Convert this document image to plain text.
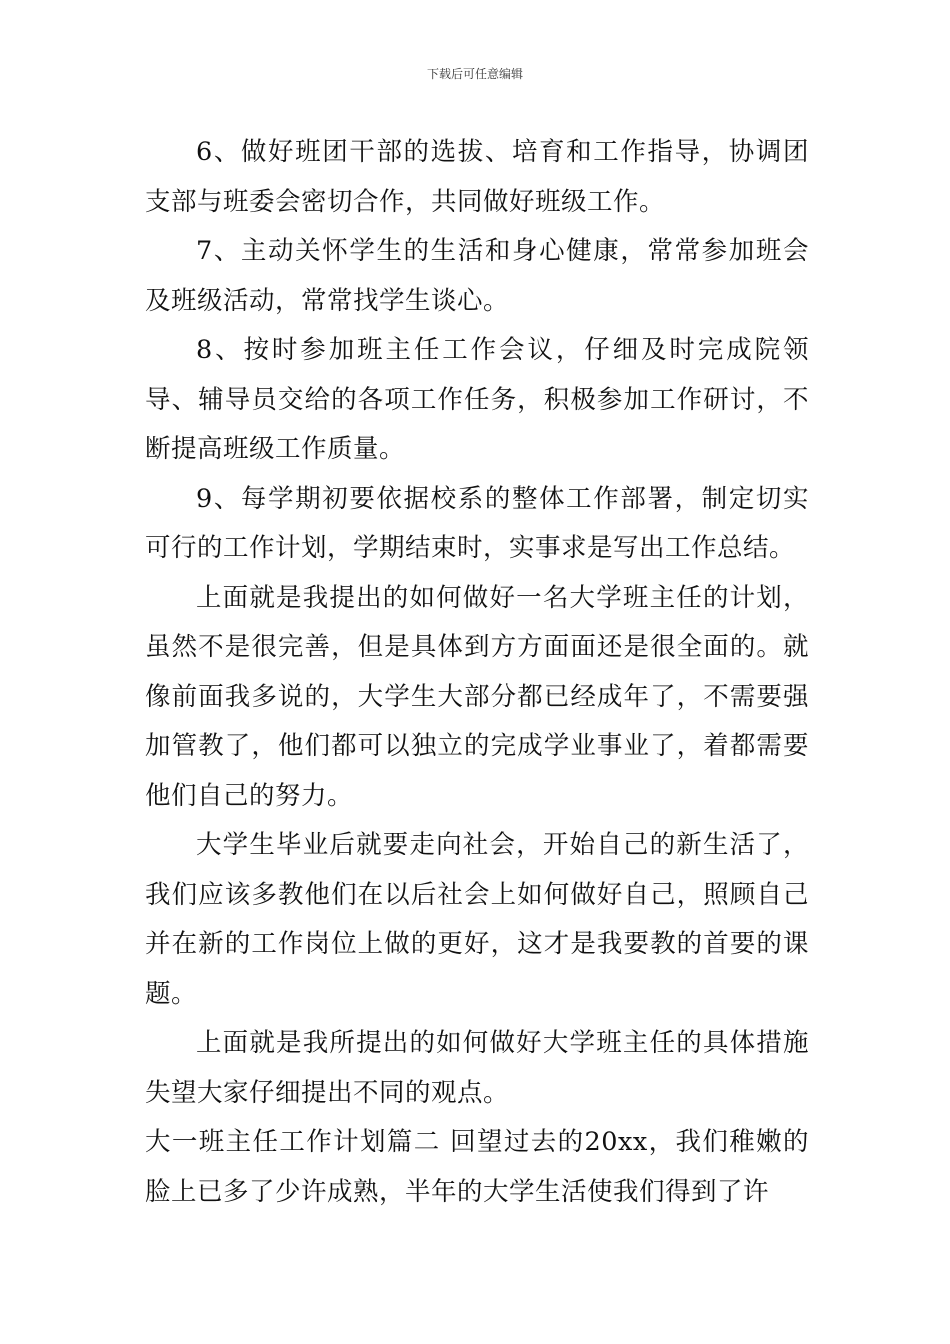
下载后可任意编辑

6、做好班团干部的选拔、培育和工作指导，协调团支部与班委会密切合作，共同做好班级工作。

7、主动关怀学生的生活和身心健康，常常参加班会及班级活动，常常找学生谈心。

8、按时参加班主任工作会议，仔细及时完成院领导、辅导员交给的各项工作任务，积极参加工作研讨，不断提高班级工作质量。

9、每学期初要依据校系的整体工作部署，制定切实可行的工作计划，学期结束时，实事求是写出工作总结。

上面就是我提出的如何做好一名大学班主任的计划，虽然不是很完善，但是具体到方方面面还是很全面的。就像前面我多说的，大学生大部分都已经成年了，不需要强加管教了，他们都可以独立的完成学业事业了，着都需要他们自己的努力。

大学生毕业后就要走向社会，开始自己的新生活了，我们应该多教他们在以后社会上如何做好自己，照顾自己并在新的工作岗位上做的更好，这才是我要教的首要的课题。

上面就是我所提出的如何做好大学班主任的具体措施失望大家仔细提出不同的观点。

大一班主任工作计划篇二 回望过去的20xx，我们稚嫩的脸上已多了少许成熟，半年的大学生活使我们得到了许
